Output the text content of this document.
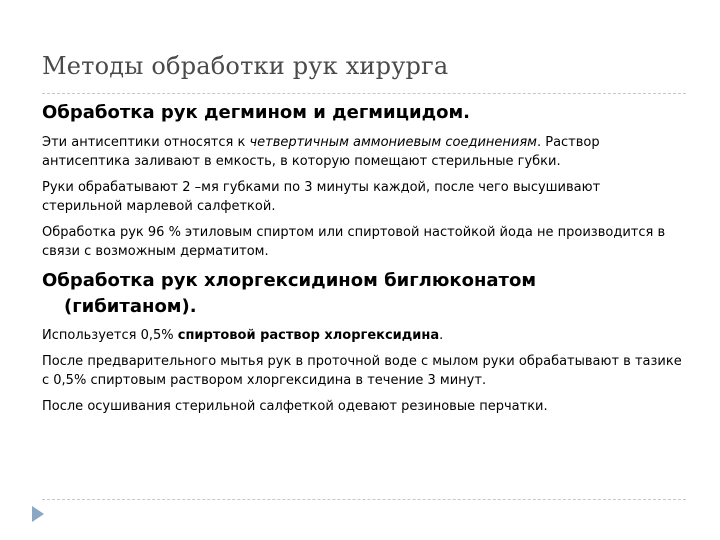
Методы обработки рук хирурга
Обработка рук дегмином и дегмицидом.
Эти антисептики относятся к четвертичным аммониевым соединениям. Раствор антисептика заливают в емкость, в которую помещают стерильные губки.
Руки обрабатывают 2 –мя губками по 3 минуты каждой, после чего высушивают стерильной марлевой салфеткой.
Обработка рук 96 % этиловым спиртом или спиртовой настойкой йода не производится в связи с возможным дерматитом.
Обработка рук хлоргексидином биглюконатом
(гибитаном).
Используется 0,5% спиртовой раствор хлоргексидина.
После предварительного мытья рук в проточной воде с мылом руки обрабатывают в тазике с 0,5% спиртовым раствором хлоргексидина в течение 3 минут.
После осушивания стерильной салфеткой одевают резиновые перчатки.
